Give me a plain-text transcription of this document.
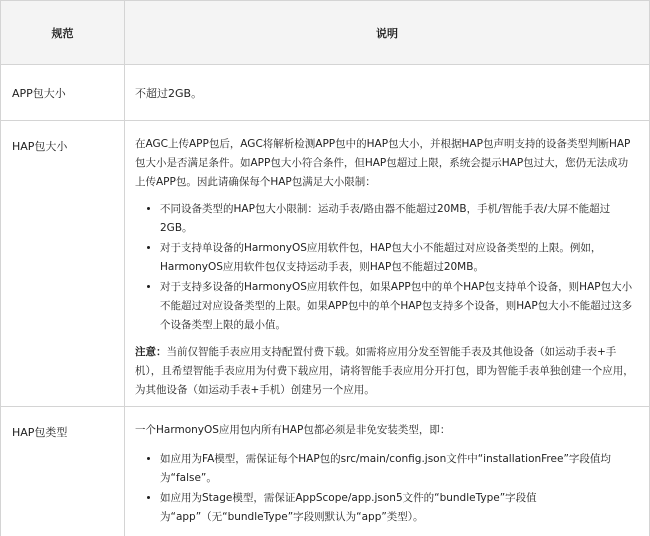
规范	说明
APP包大小	不超过2GB。
HAP包大小	在AGC上传APP包后，AGC将解析检测APP包中的HAP包大小，并根据HAP包声明支持的设备类型判断HAP包大小是否满足条件。如APP包大小符合条件，但HAP包超过上限，系统会提示HAP包过大，您仍无法成功上传APP包。因此请确保每个HAP包满足大小限制：

• 不同设备类型的HAP包大小限制：运动手表/路由器不能超过20MB，手机/智能手表/大屏不能超过2GB。
• 对于支持单设备的HarmonyOS应用软件包，HAP包大小不能超过对应设备类型的上限。例如，HarmonyOS应用软件包仅支持运动手表，则HAP包不能超过20MB。
• 对于支持多设备的HarmonyOS应用软件包，如果APP包中的单个HAP包支持单个设备，则HAP包大小不能超过对应设备类型的上限。如果APP包中的单个HAP包支持多个设备，则HAP包大小不能超过这多个设备类型上限的最小值。

注意：当前仅智能手表应用支持配置付费下载。如需将应用分发至智能手表及其他设备（如运动手表+手机），且希望智能手表应用为付费下载应用，请将智能手表应用分开打包，即为智能手表单独创建一个应用，为其他设备（如运动手表+手机）创建另一个应用。

HAP包类型	一个HarmonyOS应用包内所有HAP包都必须是非免安装类型，即：

• 如应用为FA模型，需保证每个HAP包的src/main/config.json文件中“installationFree”字段值均为“false”。
• 如应用为Stage模型，需保证AppScope/app.json5文件的“bundleType”字段值为“app”（无“bundleType”字段则默认为“app”类型）。
